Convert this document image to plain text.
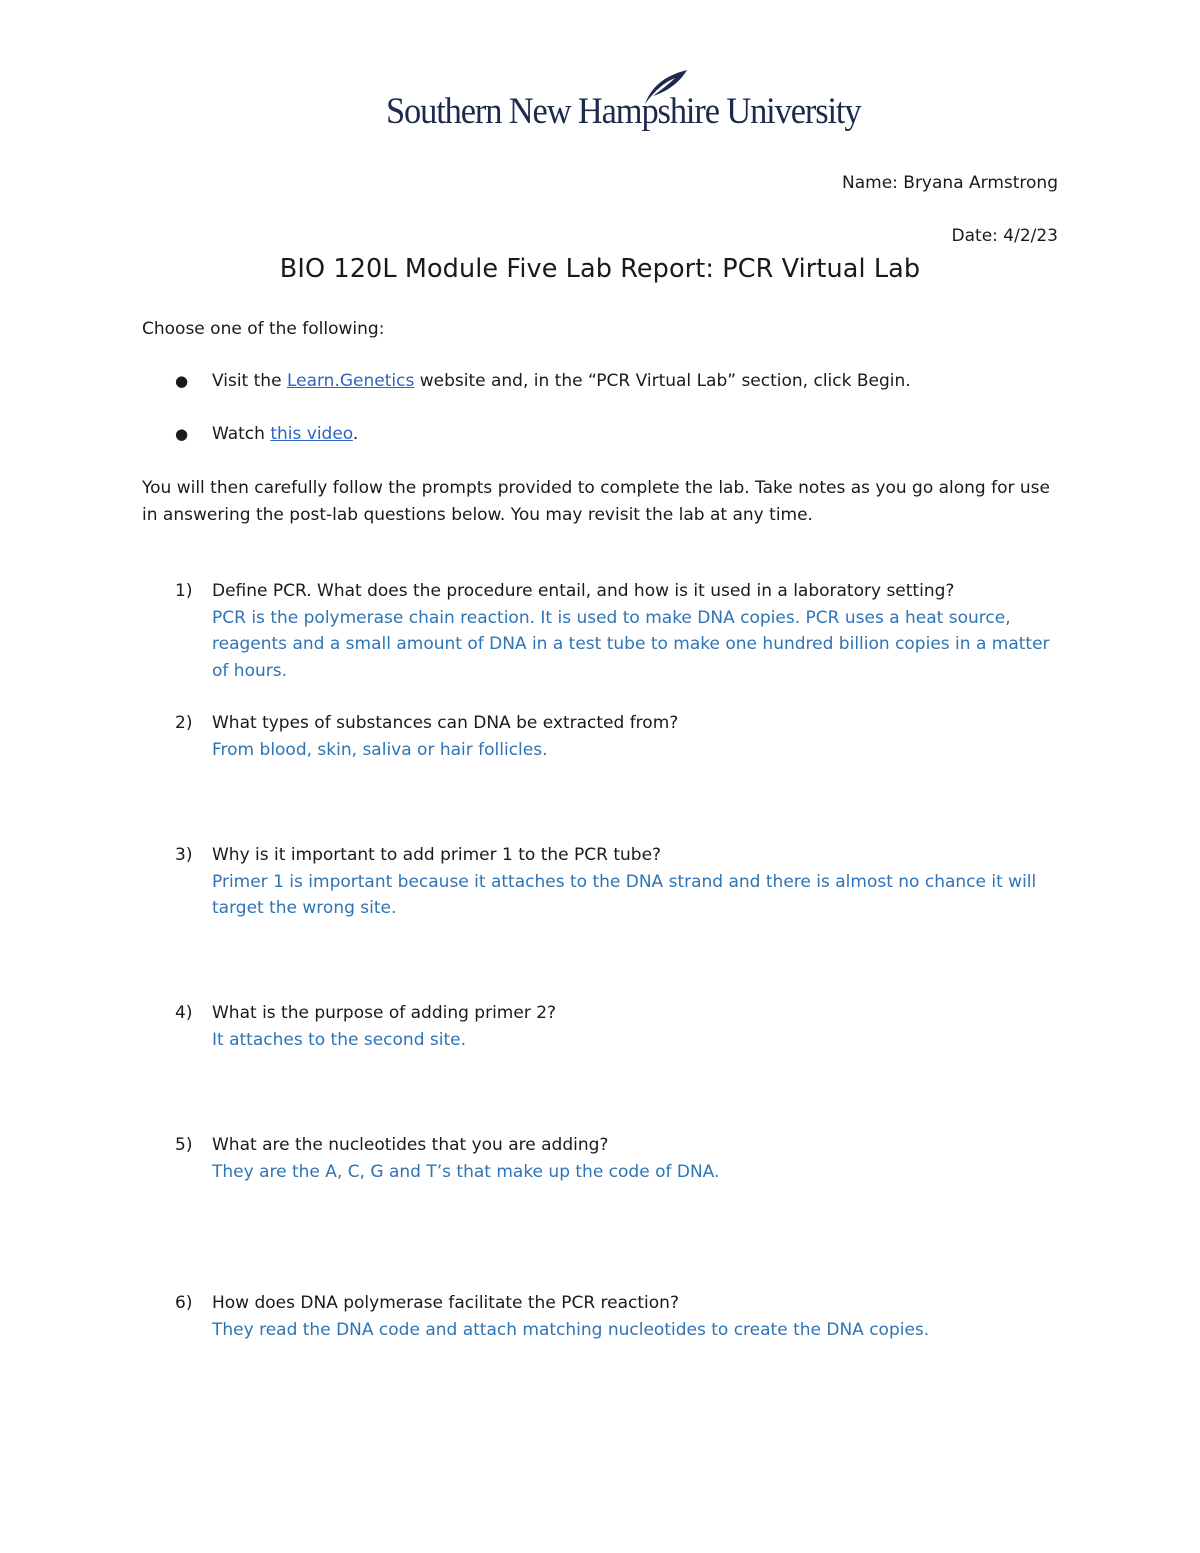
Southern New Hampshire University
Name: Bryana Armstrong
Date: 4/2/23
BIO 120L Module Five Lab Report: PCR Virtual Lab
Choose one of the following:
● Visit the Learn.Genetics website and, in the “PCR Virtual Lab” section, click Begin.
● Watch this video.
You will then carefully follow the prompts provided to complete the lab. Take notes as you go along for use in answering the post-lab questions below. You may revisit the lab at any time.
1) Define PCR. What does the procedure entail, and how is it used in a laboratory setting?
PCR is the polymerase chain reaction. It is used to make DNA copies. PCR uses a heat source, reagents and a small amount of DNA in a test tube to make one hundred billion copies in a matter of hours.
2) What types of substances can DNA be extracted from?
From blood, skin, saliva or hair follicles.
3) Why is it important to add primer 1 to the PCR tube?
Primer 1 is important because it attaches to the DNA strand and there is almost no chance it will target the wrong site.
4) What is the purpose of adding primer 2?
It attaches to the second site.
5) What are the nucleotides that you are adding?
They are the A, C, G and T’s that make up the code of DNA.
6) How does DNA polymerase facilitate the PCR reaction?
They read the DNA code and attach matching nucleotides to create the DNA copies.
